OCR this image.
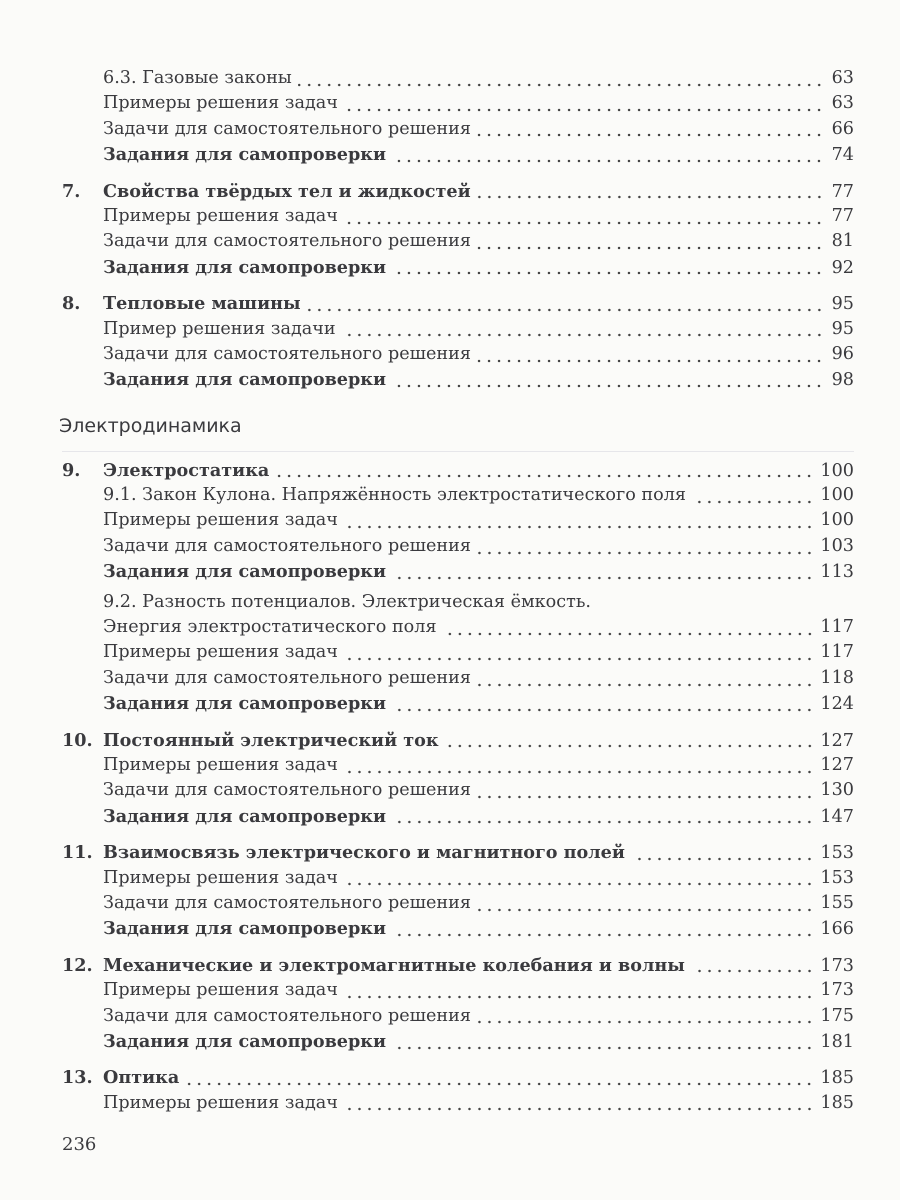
6.3. Газовые законы	63
Примеры решения задач	63
Задачи для самостоятельного решения	66
Задания для самопроверки	74
7.	Свойства твёрдых тел и жидкостей	77
Примеры решения задач	77
Задачи для самостоятельного решения	81
Задания для самопроверки	92
8.	Тепловые машины	95
Пример решения задачи	95
Задачи для самостоятельного решения	96
Задания для самопроверки	98
Электродинамика
9.	Электростатика	100
9.1. Закон Кулона. Напряжённость электростатического поля	100
Примеры решения задач	100
Задачи для самостоятельного решения	103
Задания для самопроверки	113
9.2. Разность потенциалов. Электрическая ёмкость.
Энергия электростатического поля	117
Примеры решения задач	117
Задачи для самостоятельного решения	118
Задания для самопроверки	124
10. Постоянный электрический ток	127
Примеры решения задач	127
Задачи для самостоятельного решения	130
Задания для самопроверки	147
11. Взаимосвязь электрического и магнитного полей	153
Примеры решения задач	153
Задачи для самостоятельного решения	155
Задания для самопроверки	166
12. Механические и электромагнитные колебания и волны	173
Примеры решения задач	173
Задачи для самостоятельного решения	175
Задания для самопроверки	181
13. Оптика	185
Примеры решения задач	185
236
